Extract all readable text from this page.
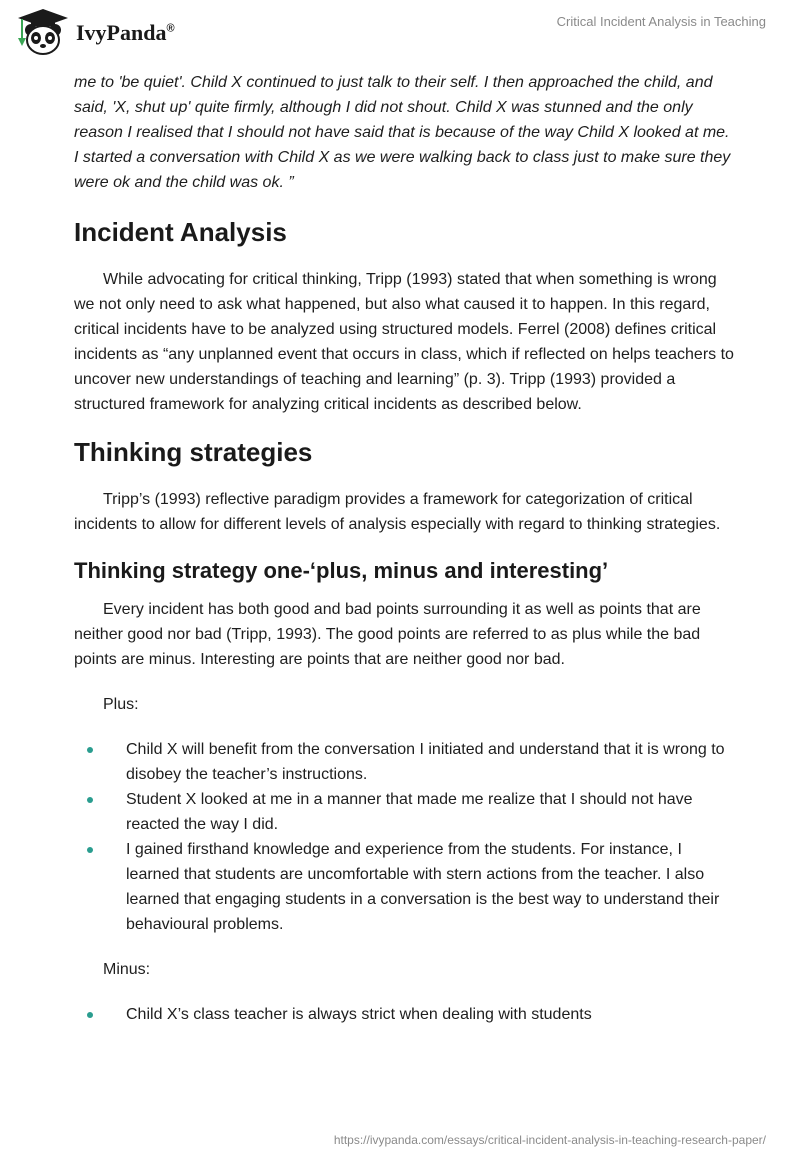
IvyPanda®	Critical Incident Analysis in Teaching

me to 'be quiet'. Child X continued to just talk to their self. I then approached the child, and said, 'X, shut up' quite firmly, although I did not shout. Child X was stunned and the only reason I realised that I should not have said that is because of the way Child X looked at me. I started a conversation with Child X as we were walking back to class just to make sure they were ok and the child was ok. ”

Incident Analysis

While advocating for critical thinking, Tripp (1993) stated that when something is wrong we not only need to ask what happened, but also what caused it to happen. In this regard, critical incidents have to be analyzed using structured models. Ferrel (2008) defines critical incidents as “any unplanned event that occurs in class, which if reflected on helps teachers to uncover new understandings of teaching and learning” (p. 3). Tripp (1993) provided a structured framework for analyzing critical incidents as described below.

Thinking strategies

Tripp’s (1993) reflective paradigm provides a framework for categorization of critical incidents to allow for different levels of analysis especially with regard to thinking strategies.

Thinking strategy one-‘plus, minus and interesting’

Every incident has both good and bad points surrounding it as well as points that are neither good nor bad (Tripp, 1993). The good points are referred to as plus while the bad points are minus. Interesting are points that are neither good nor bad.

Plus:

Child X will benefit from the conversation I initiated and understand that it is wrong to disobey the teacher’s instructions.
Student X looked at me in a manner that made me realize that I should not have reacted the way I did.
I gained firsthand knowledge and experience from the students. For instance, I learned that students are uncomfortable with stern actions from the teacher. I also learned that engaging students in a conversation is the best way to understand their behavioural problems.

Minus:

Child X’s class teacher is always strict when dealing with students
https://ivypanda.com/essays/critical-incident-analysis-in-teaching-research-paper/
